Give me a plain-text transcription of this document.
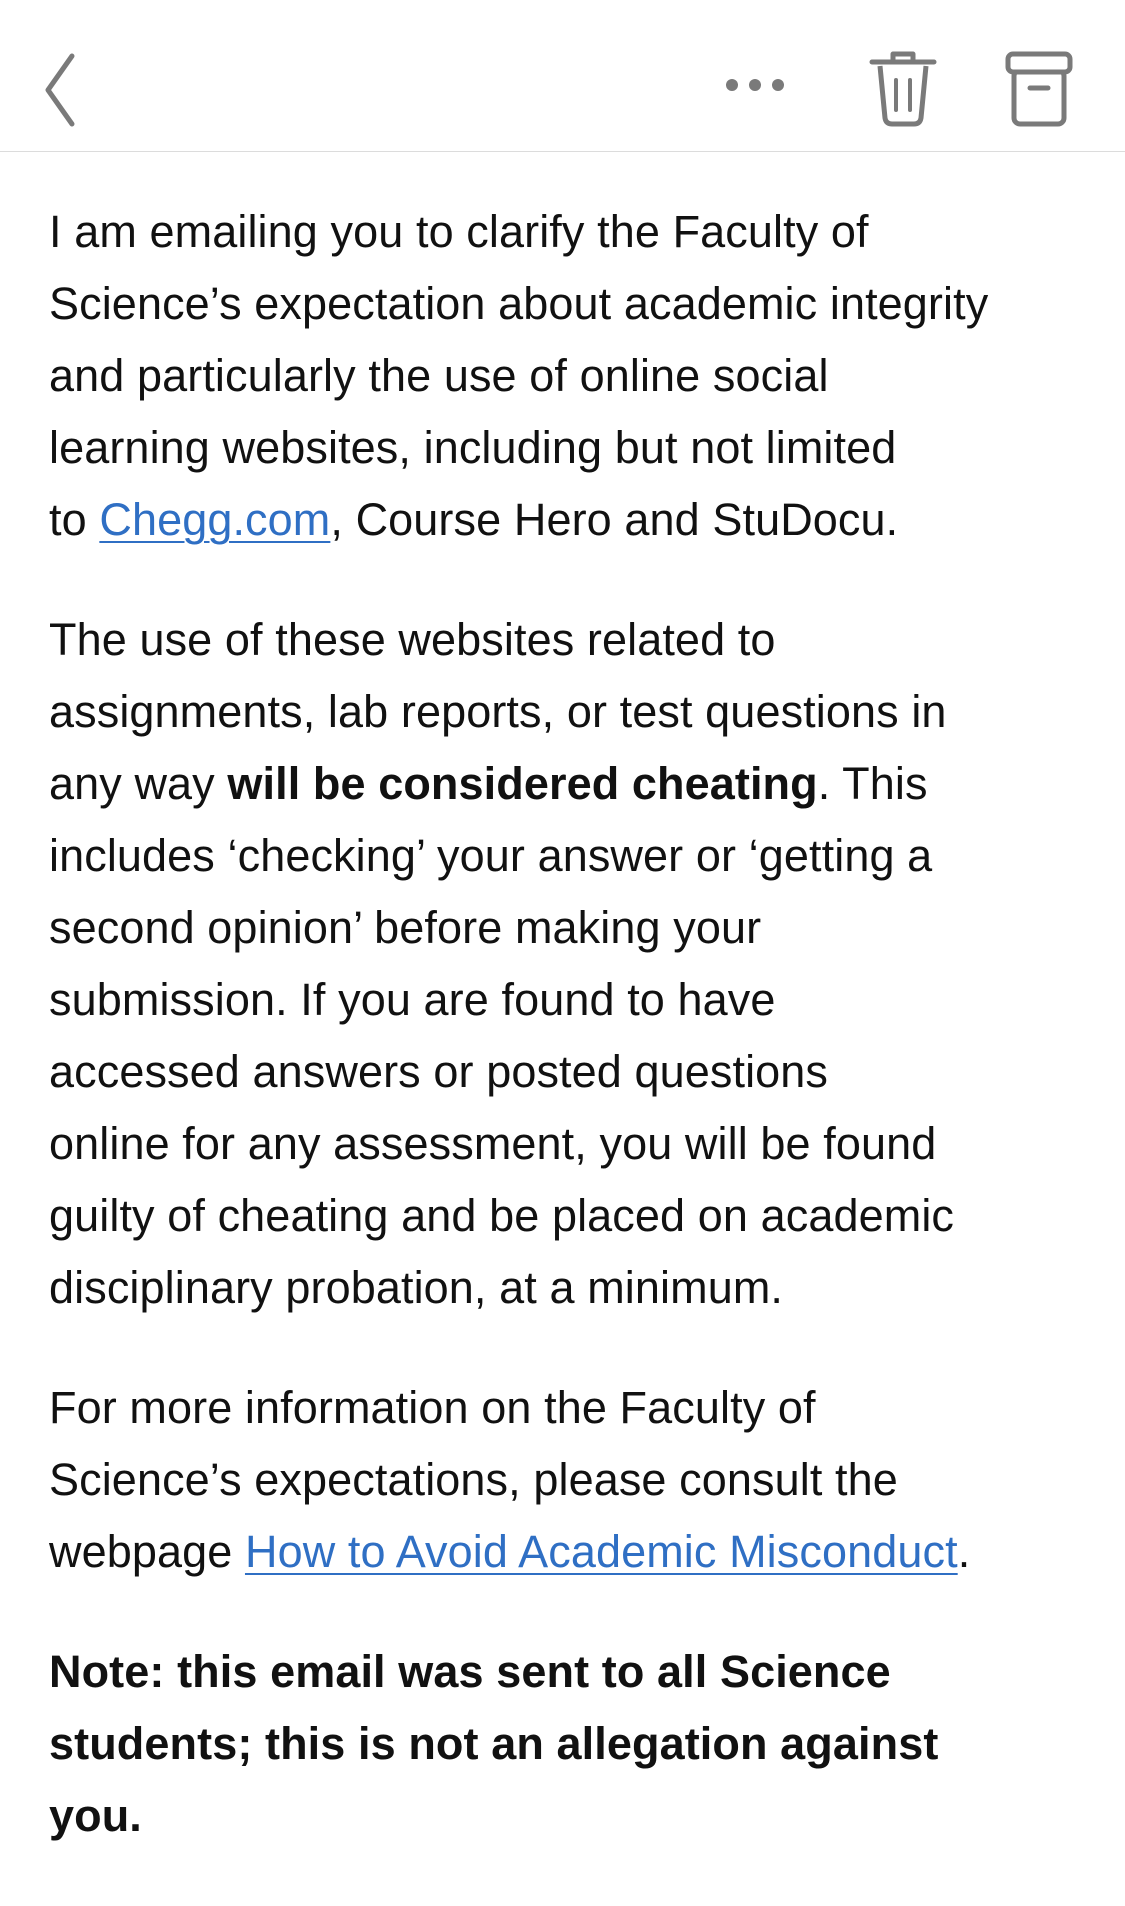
I am emailing you to clarify the Faculty of
Science’s expectation about academic integrity
and particularly the use of online social
learning websites, including but not limited
to Chegg.com, Course Hero and StuDocu.

The use of these websites related to
assignments, lab reports, or test questions in
any way will be considered cheating. This
includes ‘checking’ your answer or ‘getting a
second opinion’ before making your
submission. If you are found to have
accessed answers or posted questions
online for any assessment, you will be found
guilty of cheating and be placed on academic
disciplinary probation, at a minimum.

For more information on the Faculty of
Science’s expectations, please consult the
webpage How to Avoid Academic Misconduct.

Note: this email was sent to all Science
students; this is not an allegation against
you.
